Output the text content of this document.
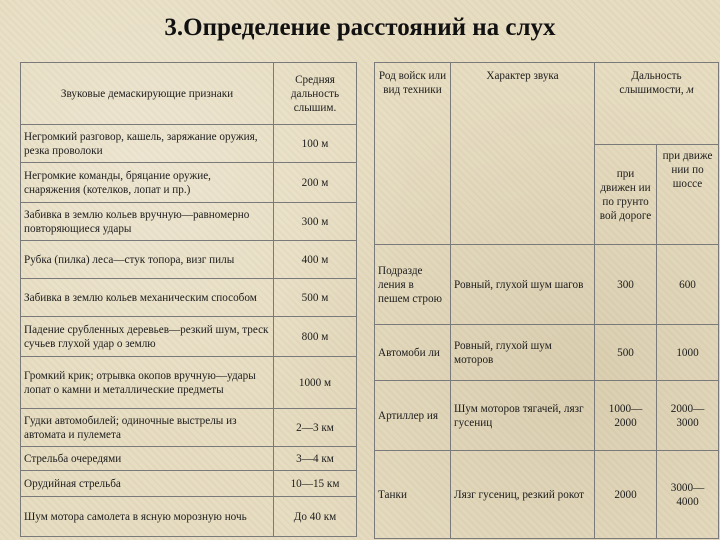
3.Определение расстояний на слух
Звуковые демаскирующие признаки	Средняя дальность слышим.
Негромкий разговор, кашель, заряжание оружия, резка проволоки	100 м
Негромкие команды, бряцание оружие, снаряжения (котелков, лопат и пр.)	200 м
Забивка в землю кольев вручную—равномерно повторяющиеся удары	300 м
Рубка (пилка) леса—стук топора, визг пилы	400 м
Забивка в землю кольев механическим способом	500 м
Падение срубленных деревьев—резкий шум, треск сучьев глухой удар о землю	800 м
Громкий крик; отрывка окопов вручную—удары лопат о камни и металлические предметы	1000 м
Гудки автомобилей; одиночные выстрелы из автомата и пулемета	2—3 км
Стрельба очередями	3—4 км
Орудийная стрельба	10—15 км
Шум мотора самолета в ясную морозную ночь	До 40 км
Род войск или вид техники	Характер звука	Дальность слышимости, м	
		при движен ии по грунто вой дороге	при движе нии по шоссе
Подразде ления в пешем строю	Ровный, глухой шум шагов	300	600
Автомоби ли	Ровный, глухой шум моторов	500	1000
Артиллер ия	Шум моторов тягачей, лязг гусениц	1000— 2000	2000— 3000
Танки	Лязг гусениц, резкий рокот	2000	3000— 4000
